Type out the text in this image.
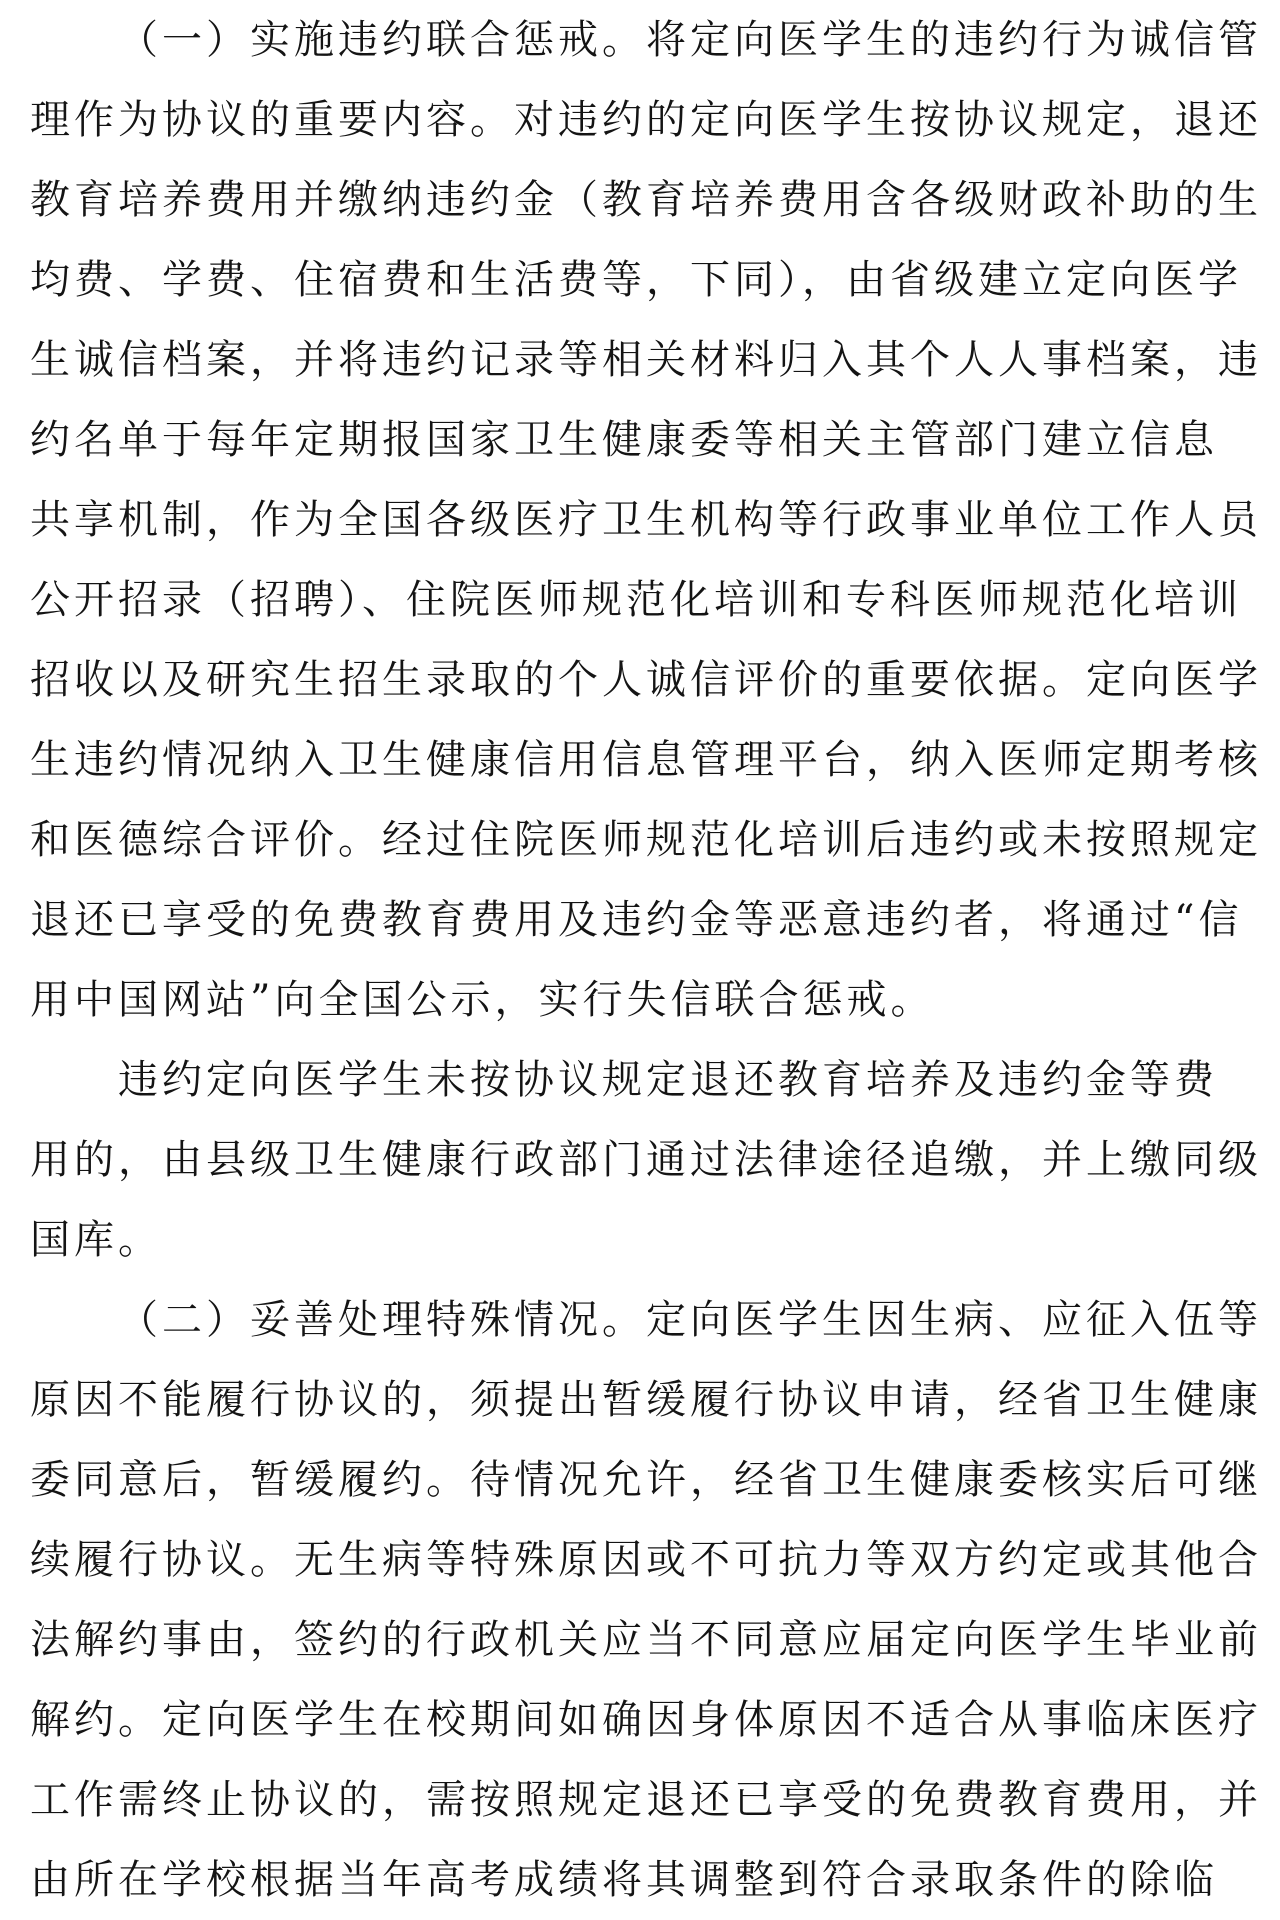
（一）实施违约联合惩戒。将定向医学生的违约行为诚信管
理作为协议的重要内容。对违约的定向医学生按协议规定，退还
教育培养费用并缴纳违约金（教育培养费用含各级财政补助的生
均费、学费、住宿费和生活费等，下同），由省级建立定向医学
生诚信档案，并将违约记录等相关材料归入其个人人事档案，违
约名单于每年定期报国家卫生健康委等相关主管部门建立信息
共享机制，作为全国各级医疗卫生机构等行政事业单位工作人员
公开招录（招聘）、住院医师规范化培训和专科医师规范化培训
招收以及研究生招生录取的个人诚信评价的重要依据。定向医学
生违约情况纳入卫生健康信用信息管理平台，纳入医师定期考核
和医德综合评价。经过住院医师规范化培训后违约或未按照规定
退还已享受的免费教育费用及违约金等恶意违约者，将通过“信
用中国网站”向全国公示，实行失信联合惩戒。
违约定向医学生未按协议规定退还教育培养及违约金等费
用的，由县级卫生健康行政部门通过法律途径追缴，并上缴同级
国库。
（二）妥善处理特殊情况。定向医学生因生病、应征入伍等
原因不能履行协议的，须提出暂缓履行协议申请，经省卫生健康
委同意后，暂缓履约。待情况允许，经省卫生健康委核实后可继
续履行协议。无生病等特殊原因或不可抗力等双方约定或其他合
法解约事由，签约的行政机关应当不同意应届定向医学生毕业前
解约。定向医学生在校期间如确因身体原因不适合从事临床医疗
工作需终止协议的，需按照规定退还已享受的免费教育费用，并
由所在学校根据当年高考成绩将其调整到符合录取条件的除临
